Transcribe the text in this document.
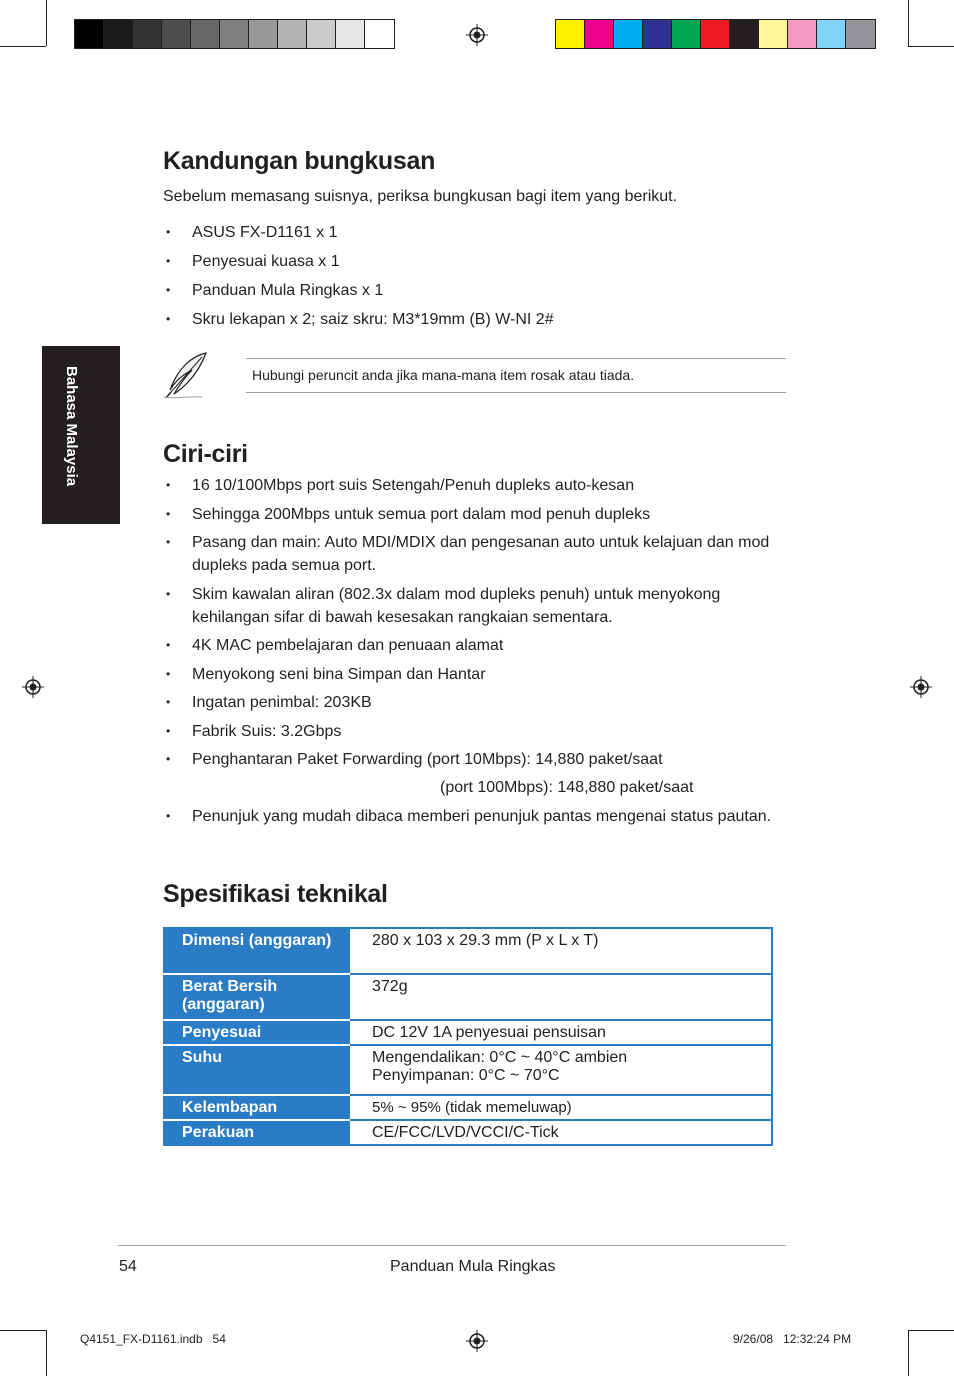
Bahasa Malaysia
Kandungan bungkusan

Sebelum memasang suisnya, periksa bungkusan bagi item yang berikut.

• ASUS FX-D1161 x 1
• Penyesuai kuasa x 1
• Panduan Mula Ringkas x 1
• Skru lekapan x 2; saiz skru: M3*19mm (B) W-NI 2#
Hubungi peruncit anda jika mana-mana item rosak atau tiada.
Ciri-ciri
• 16 10/100Mbps port suis Setengah/Penuh dupleks auto-kesan
• Sehingga 200Mbps untuk semua port dalam mod penuh dupleks
• Pasang dan main: Auto MDI/MDIX dan pengesanan auto untuk kelajuan dan mod dupleks pada semua port.
• Skim kawalan aliran (802.3x dalam mod dupleks penuh) untuk menyokong kehilangan sifar di bawah kesesakan rangkaian sementara.
• 4K MAC pembelajaran dan penuaan alamat
• Menyokong seni bina Simpan dan Hantar
• Ingatan penimbal: 203KB
• Fabrik Suis: 3.2Gbps
• Penghantaran Paket Forwarding (port 10Mbps): 14,880 paket/saat
(port 100Mbps): 148,880 paket/saat
• Penunjuk yang mudah dibaca memberi penunjuk pantas mengenai status pautan.
Spesifikasi teknikal
Dimensi (anggaran)	280 x 103 x 29.3 mm (P x L x T)
Berat Bersih (anggaran)	372g
Penyesuai	DC 12V 1A penyesuai pensuisan
Suhu	Mengendalikan: 0°C ~ 40°C ambien
Penyimpanan: 0°C ~ 70°C

Kelembapan	5% ~ 95% (tidak memeluwap)
Perakuan	CE/FCC/LVD/VCCI/C-Tick
54	Panduan Mula Ringkas
Q4151_FX-D1161.indb   54	9/26/08   12:32:24 PM
